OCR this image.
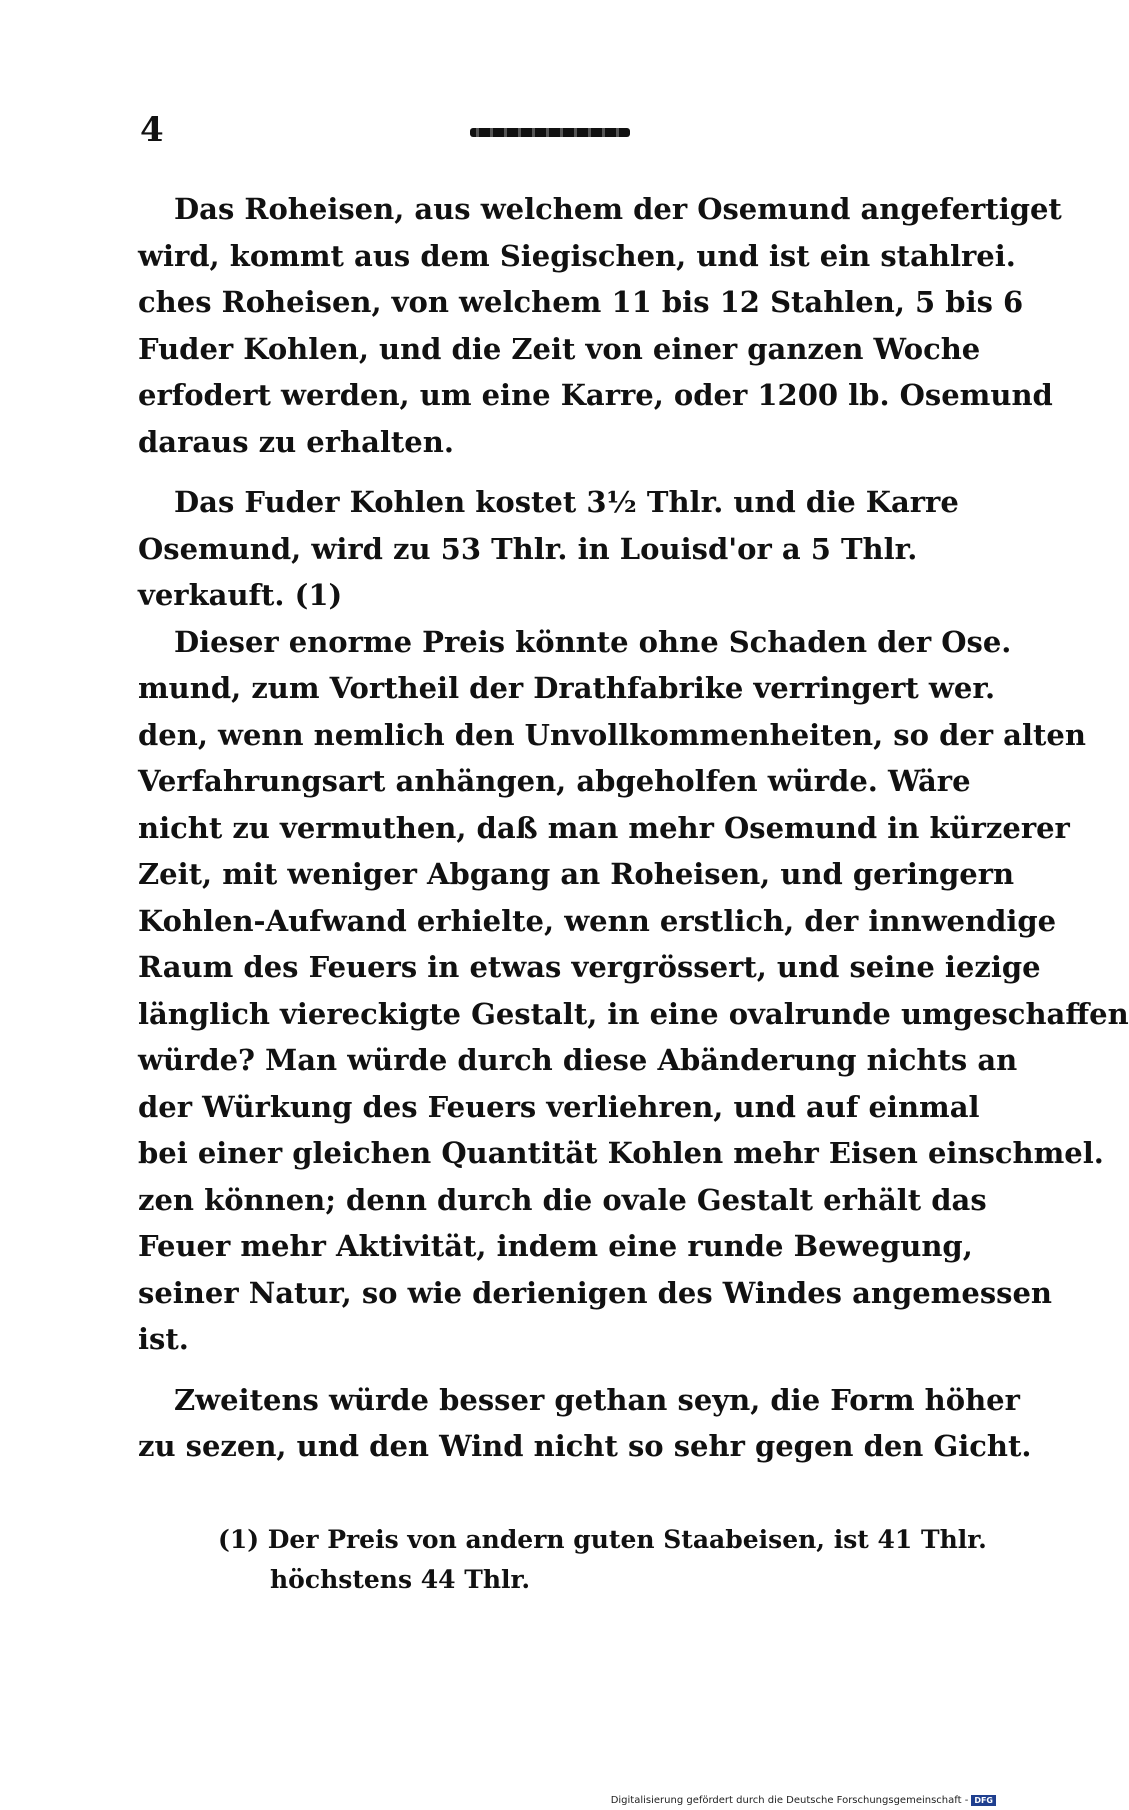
4
Das Roheisen, aus welchem der Osemund angefertiget
wird, kommt aus dem Siegischen, und ist ein stahlrei.
ches Roheisen, von welchem 11 bis 12 Stahlen, 5 bis 6
Fuder Kohlen, und die Zeit von einer ganzen Woche
erfodert werden, um eine Karre, oder 1200 lb. Osemund
daraus zu erhalten.
Das Fuder Kohlen kostet 3½ Thlr. und die Karre
Osemund, wird zu 53 Thlr. in Louisd'or a 5 Thlr.
verkauft. (1)
Dieser enorme Preis könnte ohne Schaden der Ose.
mund, zum Vortheil der Drathfabrike verringert wer.
den, wenn nemlich den Unvollkommenheiten, so der alten
Verfahrungsart anhängen, abgeholfen würde. Wäre
nicht zu vermuthen, daß man mehr Osemund in kürzerer
Zeit, mit weniger Abgang an Roheisen, und geringern
Kohlen-Aufwand erhielte, wenn erstlich, der innwendige
Raum des Feuers in etwas vergrössert, und seine iezige
länglich viereckigte Gestalt, in eine ovalrunde umgeschaffen
würde? Man würde durch diese Abänderung nichts an
der Würkung des Feuers verliehren, und auf einmal
bei einer gleichen Quantität Kohlen mehr Eisen einschmel.
zen können; denn durch die ovale Gestalt erhält das
Feuer mehr Aktivität, indem eine runde Bewegung,
seiner Natur, so wie derienigen des Windes angemessen
ist.
Zweitens würde besser gethan seyn, die Form höher
zu sezen, und den Wind nicht so sehr gegen den Gicht.
(1) Der Preis von andern guten Staabeisen, ist 41 Thlr.
höchstens 44 Thlr.
Digitalisierung gefördert durch die Deutsche Forschungsgemeinschaft - DFG
